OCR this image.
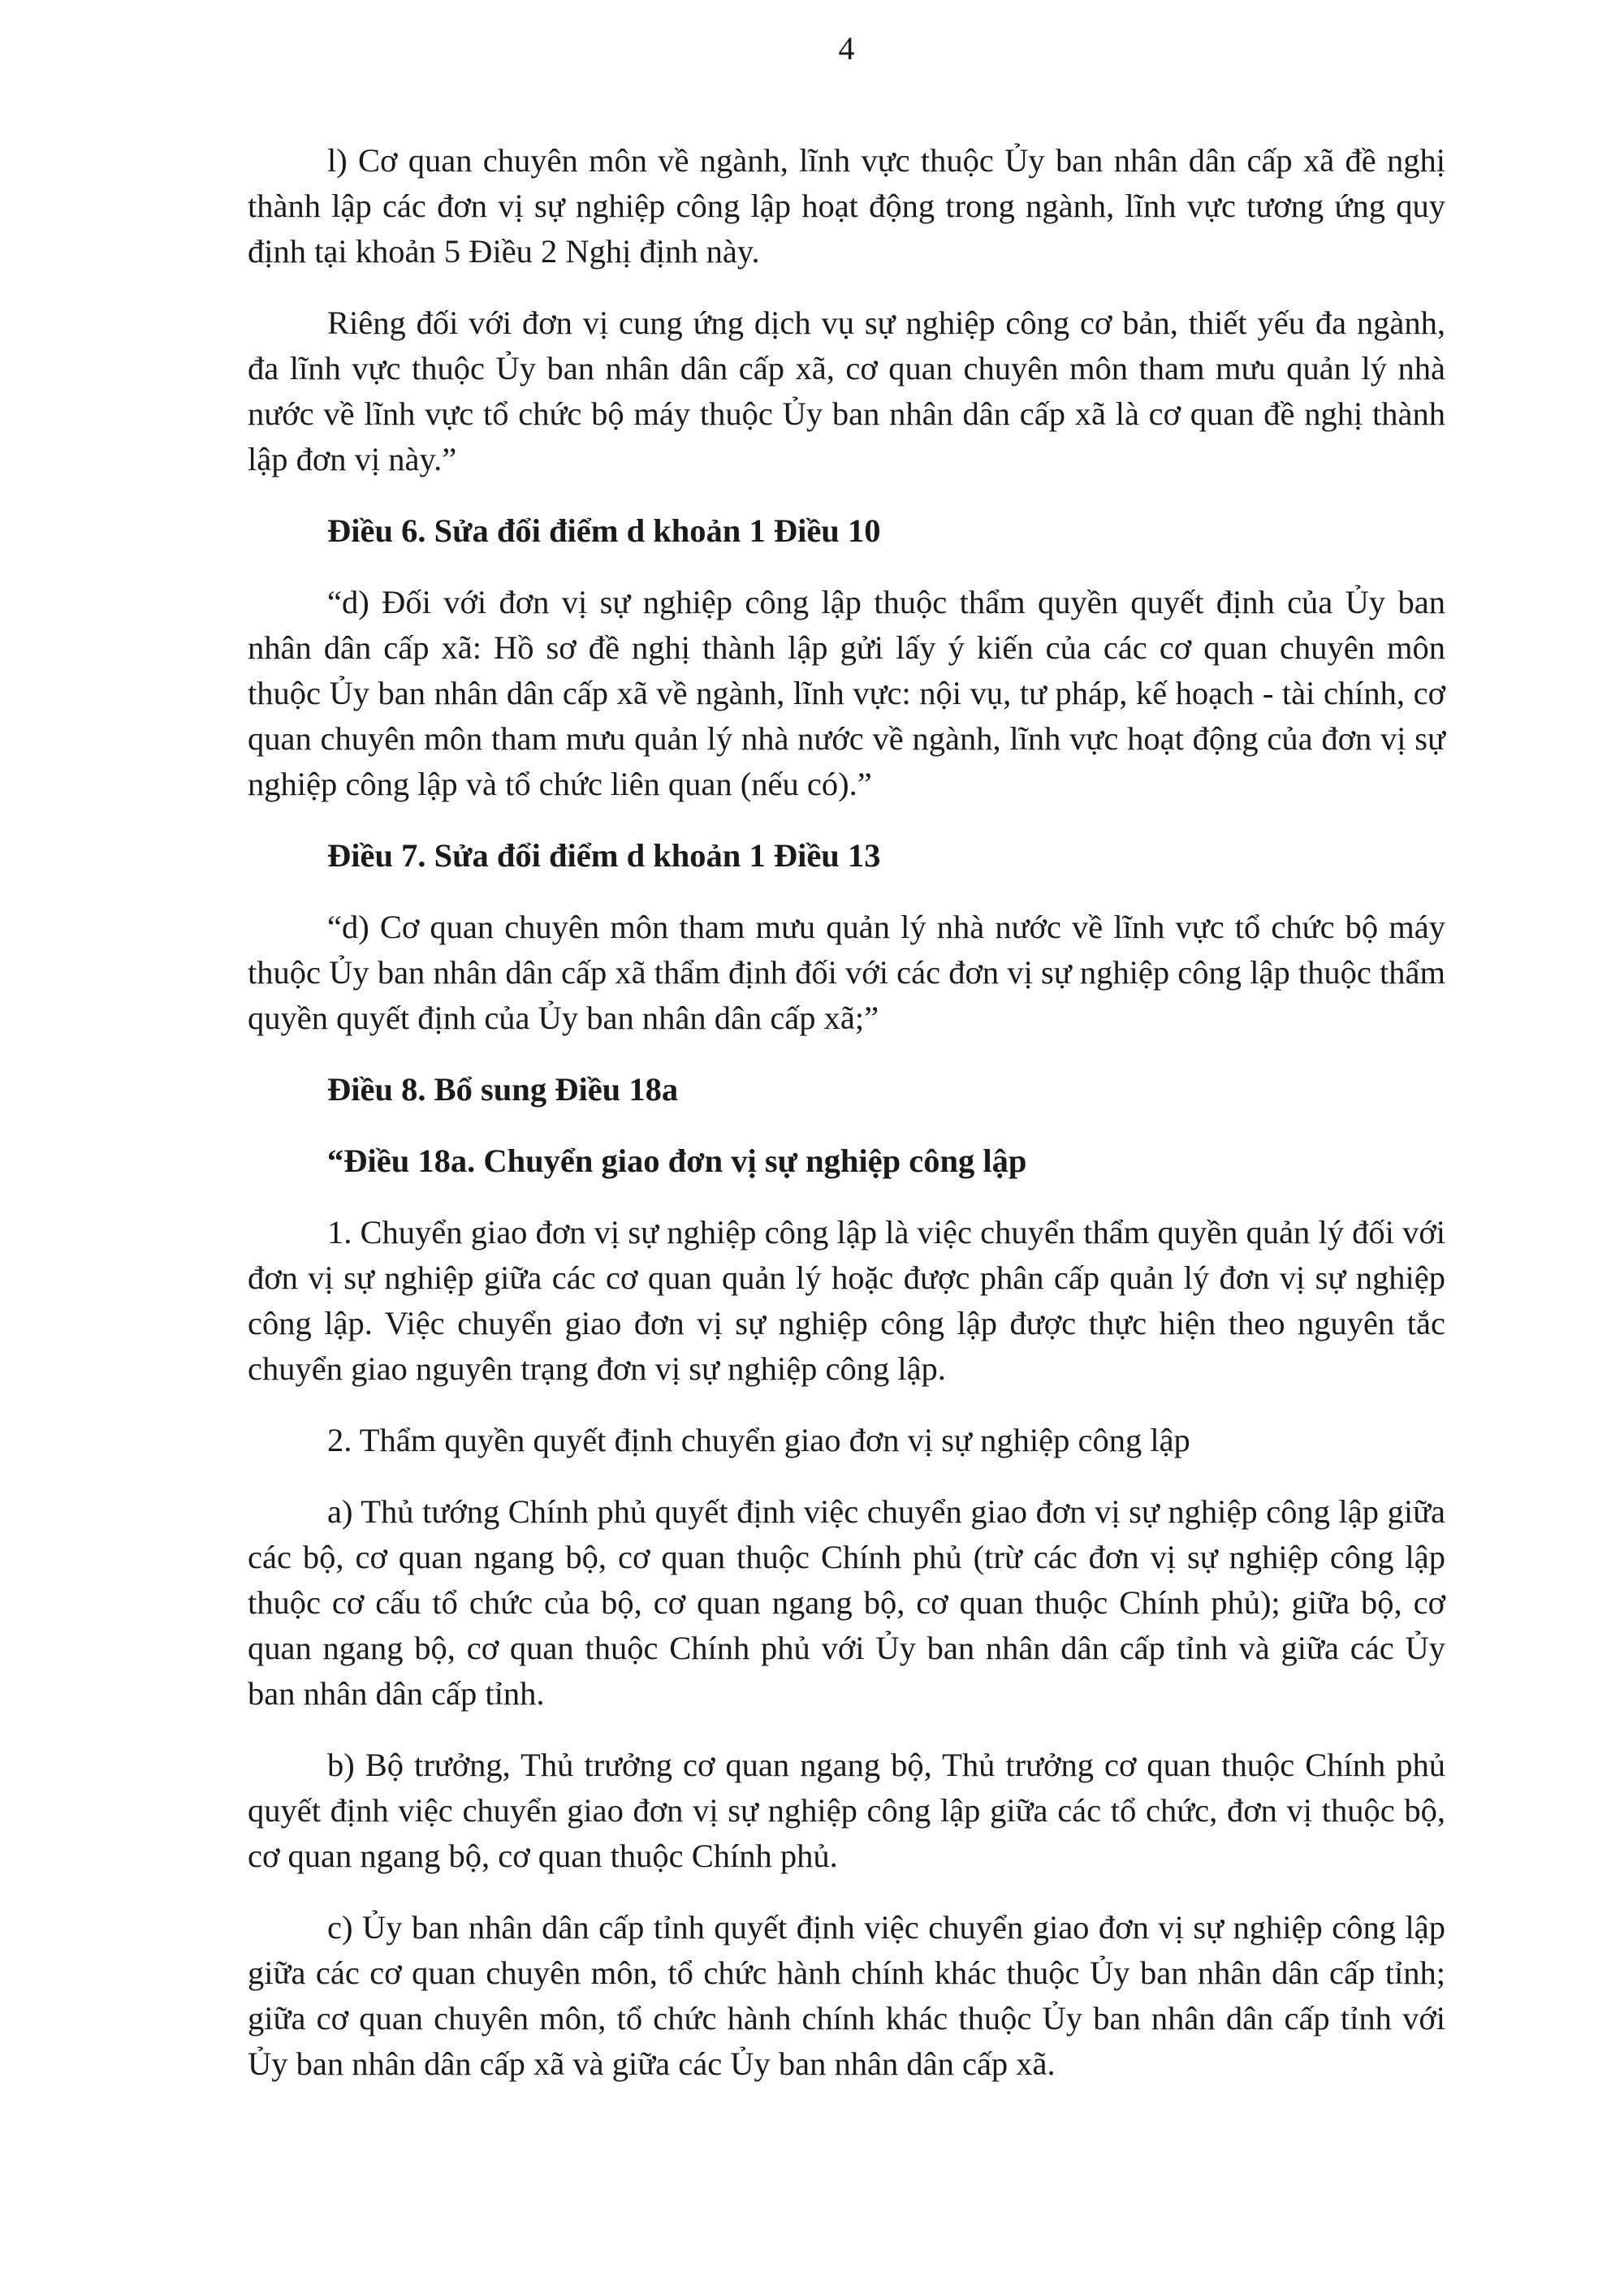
4

l) Cơ quan chuyên môn về ngành, lĩnh vực thuộc Ủy ban nhân dân cấp xã đề nghị thành lập các đơn vị sự nghiệp công lập hoạt động trong ngành, lĩnh vực tương ứng quy định tại khoản 5 Điều 2 Nghị định này.

Riêng đối với đơn vị cung ứng dịch vụ sự nghiệp công cơ bản, thiết yếu đa ngành, đa lĩnh vực thuộc Ủy ban nhân dân cấp xã, cơ quan chuyên môn tham mưu quản lý nhà nước về lĩnh vực tổ chức bộ máy thuộc Ủy ban nhân dân cấp xã là cơ quan đề nghị thành lập đơn vị này.”

Điều 6. Sửa đổi điểm d khoản 1 Điều 10

“d) Đối với đơn vị sự nghiệp công lập thuộc thẩm quyền quyết định của Ủy ban nhân dân cấp xã: Hồ sơ đề nghị thành lập gửi lấy ý kiến của các cơ quan chuyên môn thuộc Ủy ban nhân dân cấp xã về ngành, lĩnh vực: nội vụ, tư pháp, kế hoạch - tài chính, cơ quan chuyên môn tham mưu quản lý nhà nước về ngành, lĩnh vực hoạt động của đơn vị sự nghiệp công lập và tổ chức liên quan (nếu có).”

Điều 7. Sửa đổi điểm d khoản 1 Điều 13

“d) Cơ quan chuyên môn tham mưu quản lý nhà nước về lĩnh vực tổ chức bộ máy thuộc Ủy ban nhân dân cấp xã thẩm định đối với các đơn vị sự nghiệp công lập thuộc thẩm quyền quyết định của Ủy ban nhân dân cấp xã;”

Điều 8. Bổ sung Điều 18a

“Điều 18a. Chuyển giao đơn vị sự nghiệp công lập

1. Chuyển giao đơn vị sự nghiệp công lập là việc chuyển thẩm quyền quản lý đối với đơn vị sự nghiệp giữa các cơ quan quản lý hoặc được phân cấp quản lý đơn vị sự nghiệp công lập. Việc chuyển giao đơn vị sự nghiệp công lập được thực hiện theo nguyên tắc chuyển giao nguyên trạng đơn vị sự nghiệp công lập.

2. Thẩm quyền quyết định chuyển giao đơn vị sự nghiệp công lập

a) Thủ tướng Chính phủ quyết định việc chuyển giao đơn vị sự nghiệp công lập giữa các bộ, cơ quan ngang bộ, cơ quan thuộc Chính phủ (trừ các đơn vị sự nghiệp công lập thuộc cơ cấu tổ chức của bộ, cơ quan ngang bộ, cơ quan thuộc Chính phủ); giữa bộ, cơ quan ngang bộ, cơ quan thuộc Chính phủ với Ủy ban nhân dân cấp tỉnh và giữa các Ủy ban nhân dân cấp tỉnh.

b) Bộ trưởng, Thủ trưởng cơ quan ngang bộ, Thủ trưởng cơ quan thuộc Chính phủ quyết định việc chuyển giao đơn vị sự nghiệp công lập giữa các tổ chức, đơn vị thuộc bộ, cơ quan ngang bộ, cơ quan thuộc Chính phủ.

c) Ủy ban nhân dân cấp tỉnh quyết định việc chuyển giao đơn vị sự nghiệp công lập giữa các cơ quan chuyên môn, tổ chức hành chính khác thuộc Ủy ban nhân dân cấp tỉnh; giữa cơ quan chuyên môn, tổ chức hành chính khác thuộc Ủy ban nhân dân cấp tỉnh với Ủy ban nhân dân cấp xã và giữa các Ủy ban nhân dân cấp xã.
